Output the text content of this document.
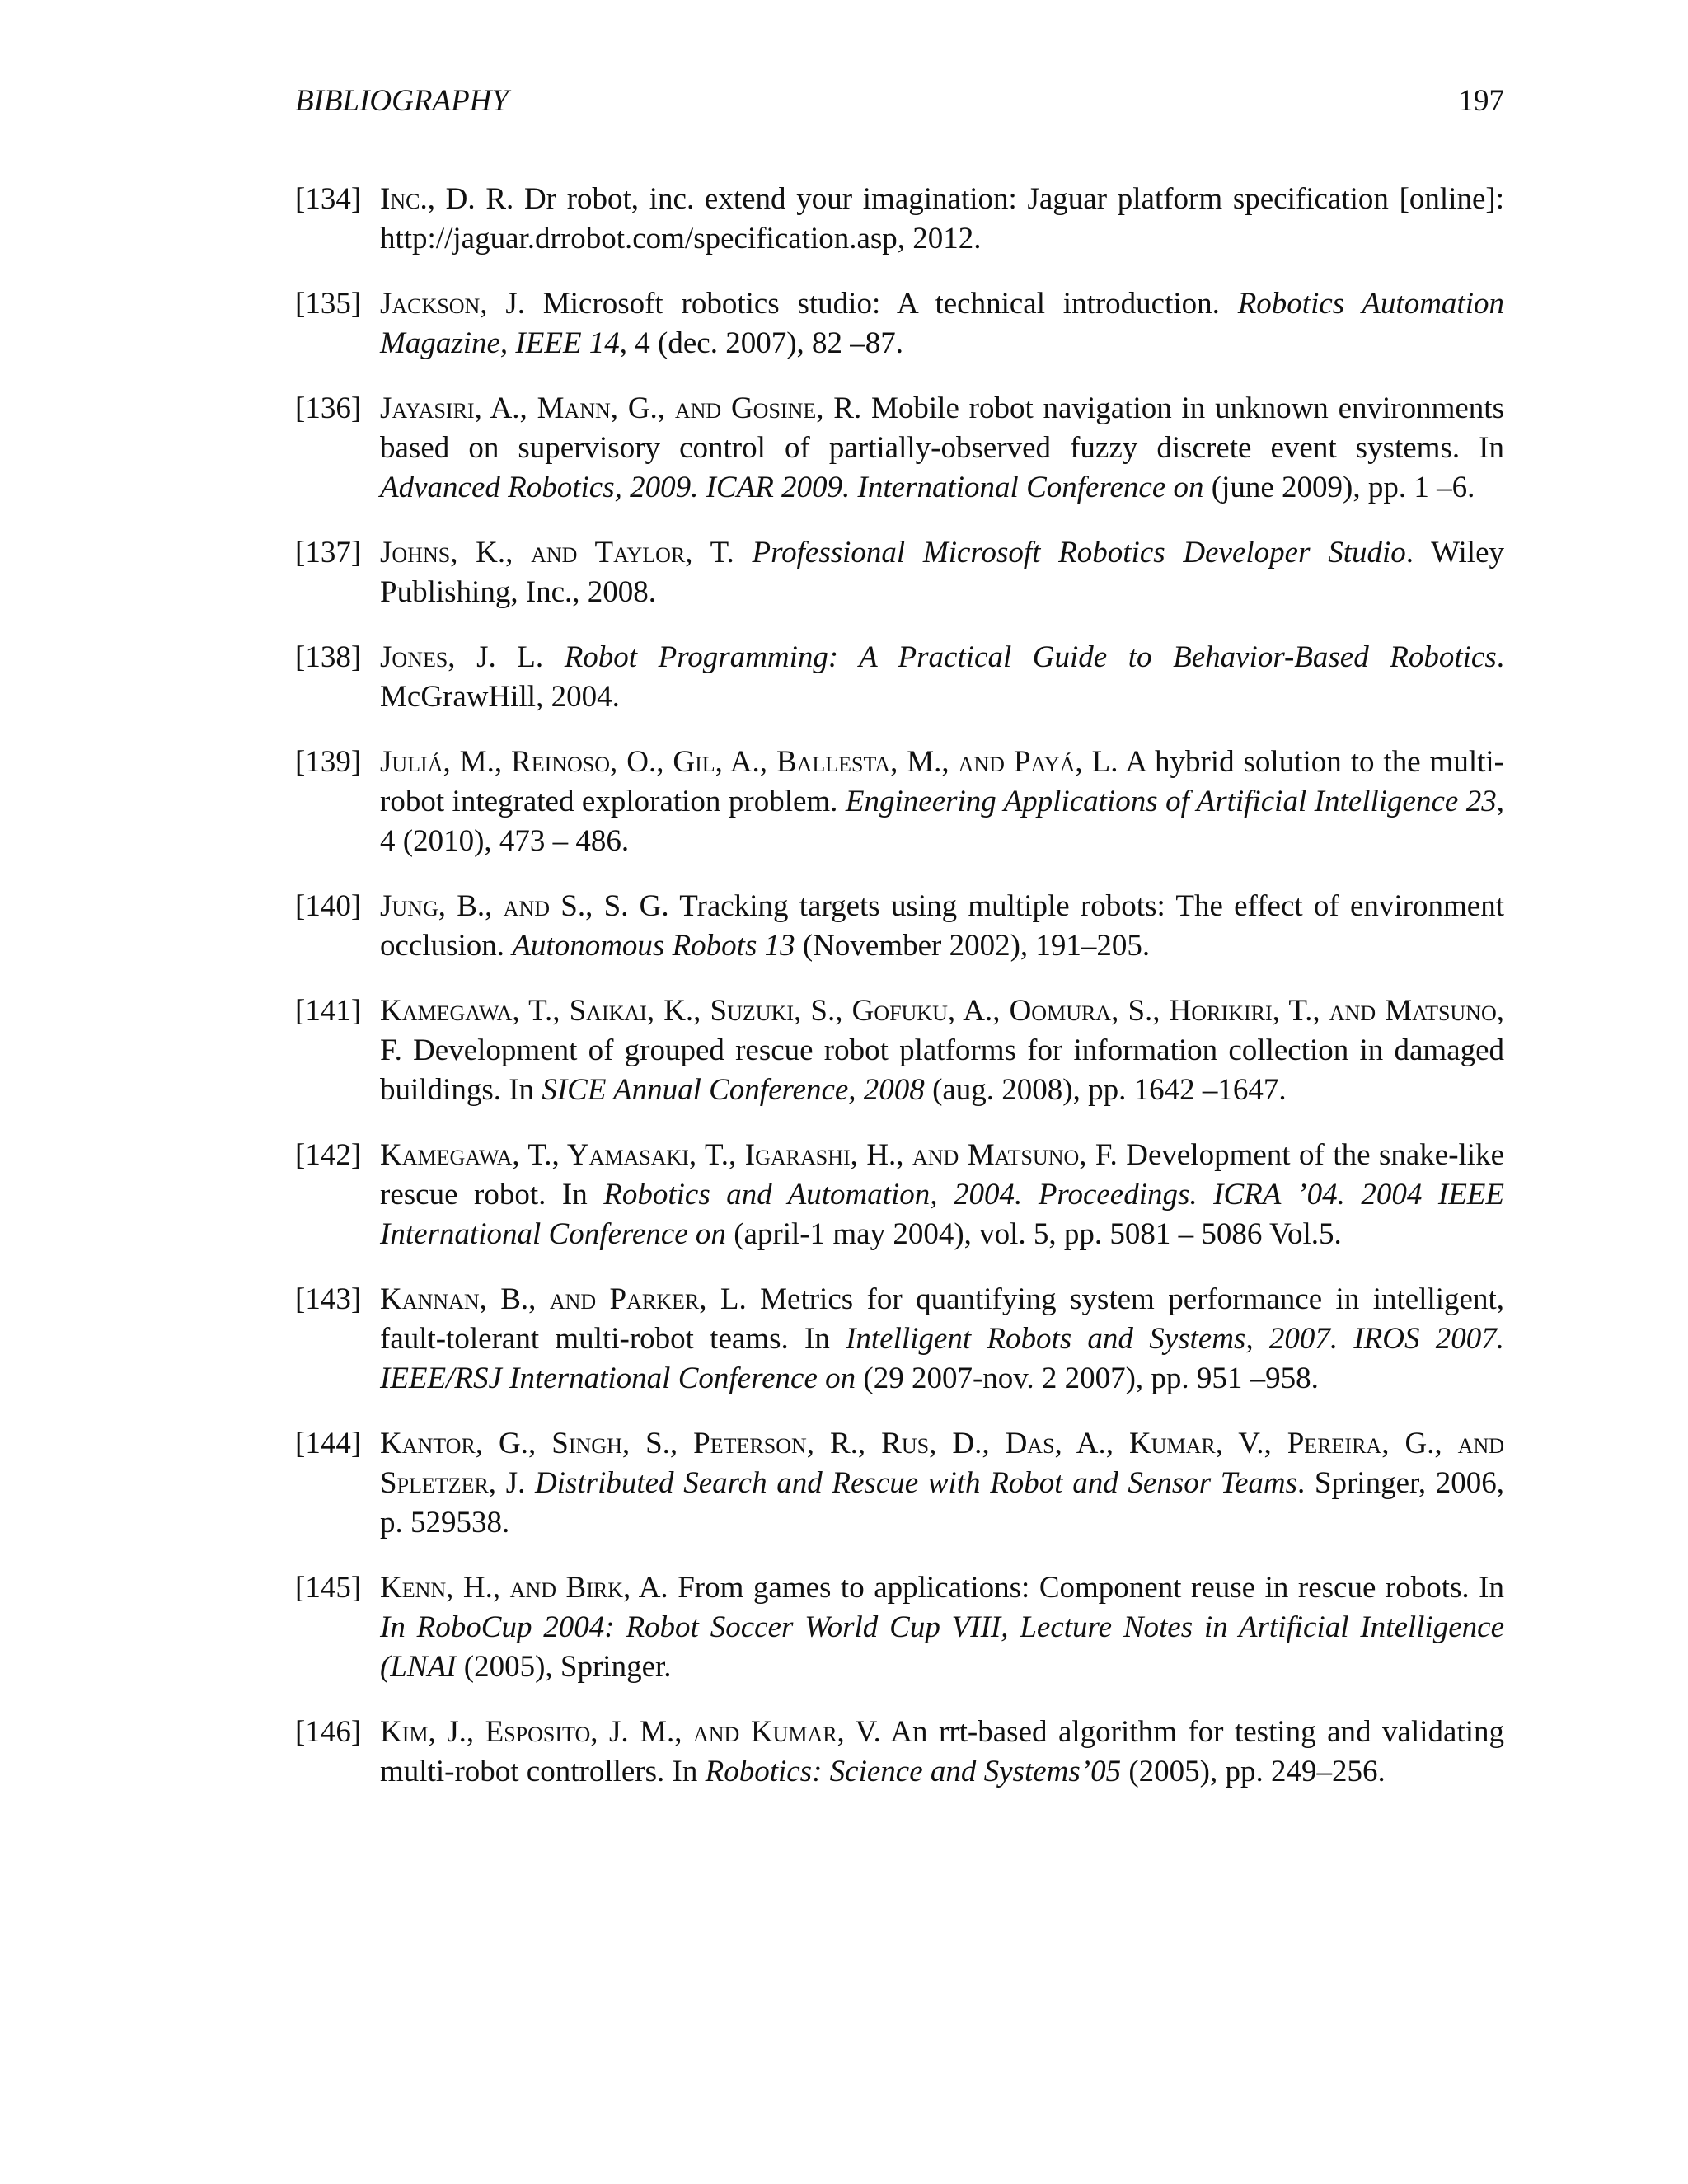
BIBLIOGRAPHY	197
[134] Inc., D. R. Dr robot, inc. extend your imagination: Jaguar platform specification [online]: http://jaguar.drrobot.com/specification.asp, 2012.
[135] Jackson, J. Microsoft robotics studio: A technical introduction. Robotics Automation Magazine, IEEE 14, 4 (dec. 2007), 82 –87.
[136] Jayasiri, A., Mann, G., and Gosine, R. Mobile robot navigation in unknown environments based on supervisory control of partially-observed fuzzy discrete event systems. In Advanced Robotics, 2009. ICAR 2009. International Conference on (june 2009), pp. 1 –6.
[137] Johns, K., and Taylor, T. Professional Microsoft Robotics Developer Studio. Wiley Publishing, Inc., 2008.
[138] Jones, J. L. Robot Programming: A Practical Guide to Behavior-Based Robotics. McGrawHill, 2004.
[139] Juliá, M., Reinoso, O., Gil, A., Ballesta, M., and Payá, L. A hybrid solution to the multi-robot integrated exploration problem. Engineering Applications of Artificial Intelligence 23, 4 (2010), 473 – 486.
[140] Jung, B., and S., S. G. Tracking targets using multiple robots: The effect of environment occlusion. Autonomous Robots 13 (November 2002), 191–205.
[141] Kamegawa, T., Saikai, K., Suzuki, S., Gofuku, A., Oomura, S., Horikiri, T., and Matsuno, F. Development of grouped rescue robot platforms for information collection in damaged buildings. In SICE Annual Conference, 2008 (aug. 2008), pp. 1642 –1647.
[142] Kamegawa, T., Yamasaki, T., Igarashi, H., and Matsuno, F. Development of the snake-like rescue robot. In Robotics and Automation, 2004. Proceedings. ICRA ’04. 2004 IEEE International Conference on (april-1 may 2004), vol. 5, pp. 5081 – 5086 Vol.5.
[143] Kannan, B., and Parker, L. Metrics for quantifying system performance in intelligent, fault-tolerant multi-robot teams. In Intelligent Robots and Systems, 2007. IROS 2007. IEEE/RSJ International Conference on (29 2007-nov. 2 2007), pp. 951 –958.
[144] Kantor, G., Singh, S., Peterson, R., Rus, D., Das, A., Kumar, V., Pereira, G., and Spletzer, J. Distributed Search and Rescue with Robot and Sensor Teams. Springer, 2006, p. 529538.
[145] Kenn, H., and Birk, A. From games to applications: Component reuse in rescue robots. In In RoboCup 2004: Robot Soccer World Cup VIII, Lecture Notes in Artificial Intelligence (LNAI (2005), Springer.
[146] Kim, J., Esposito, J. M., and Kumar, V. An rrt-based algorithm for testing and validating multi-robot controllers. In Robotics: Science and Systems’05 (2005), pp. 249–256.
